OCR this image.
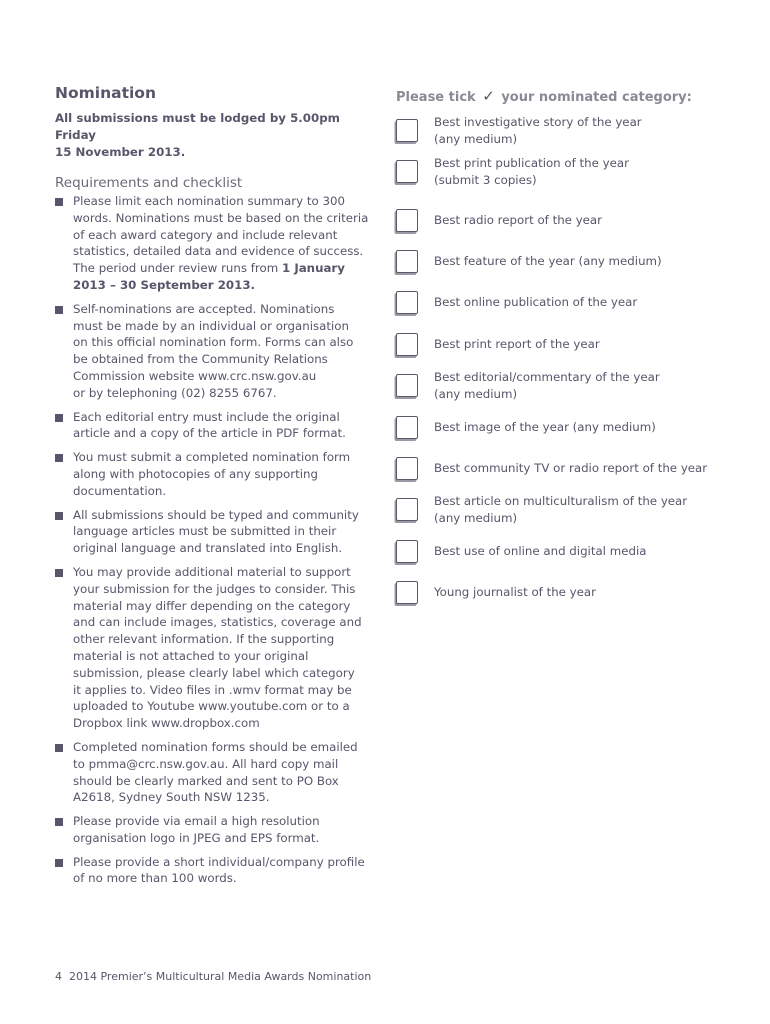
Nomination
All submissions must be lodged by 5.00pm Friday
15 November 2013.
Requirements and checklist
Please limit each nomination summary to 300
words. Nominations must be based on the criteria
of each award category and include relevant
statistics, detailed data and evidence of success.
The period under review runs from 1 January
2013 – 30 September 2013.
Self-nominations are accepted. Nominations
must be made by an individual or organisation
on this official nomination form. Forms can also
be obtained from the Community Relations
Commission website www.crc.nsw.gov.au
or by telephoning (02) 8255 6767.
Each editorial entry must include the original
article and a copy of the article in PDF format.
You must submit a completed nomination form
along with photocopies of any supporting
documentation.
All submissions should be typed and community
language articles must be submitted in their
original language and translated into English.
You may provide additional material to support
your submission for the judges to consider. This
material may differ depending on the category
and can include images, statistics, coverage and
other relevant information. If the supporting
material is not attached to your original
submission, please clearly label which category
it applies to. Video files in .wmv format may be
uploaded to Youtube www.youtube.com or to a
Dropbox link www.dropbox.com
Completed nomination forms should be emailed
to pmma@crc.nsw.gov.au. All hard copy mail
should be clearly marked and sent to PO Box
A2618, Sydney South NSW 1235.
Please provide via email a high resolution
organisation logo in JPEG and EPS format.
Please provide a short individual/company profile
of no more than 100 words.
Please tick ✓ your nominated category:
Best investigative story of the year
(any medium)
Best print publication of the year
(submit 3 copies)
Best radio report of the year
Best feature of the year (any medium)
Best online publication of the year
Best print report of the year
Best editorial/commentary of the year
(any medium)
Best image of the year (any medium)
Best community TV or radio report of the year
Best article on multiculturalism of the year
(any medium)
Best use of online and digital media
Young journalist of the year
4 2014 Premier’s Multicultural Media Awards Nomination
